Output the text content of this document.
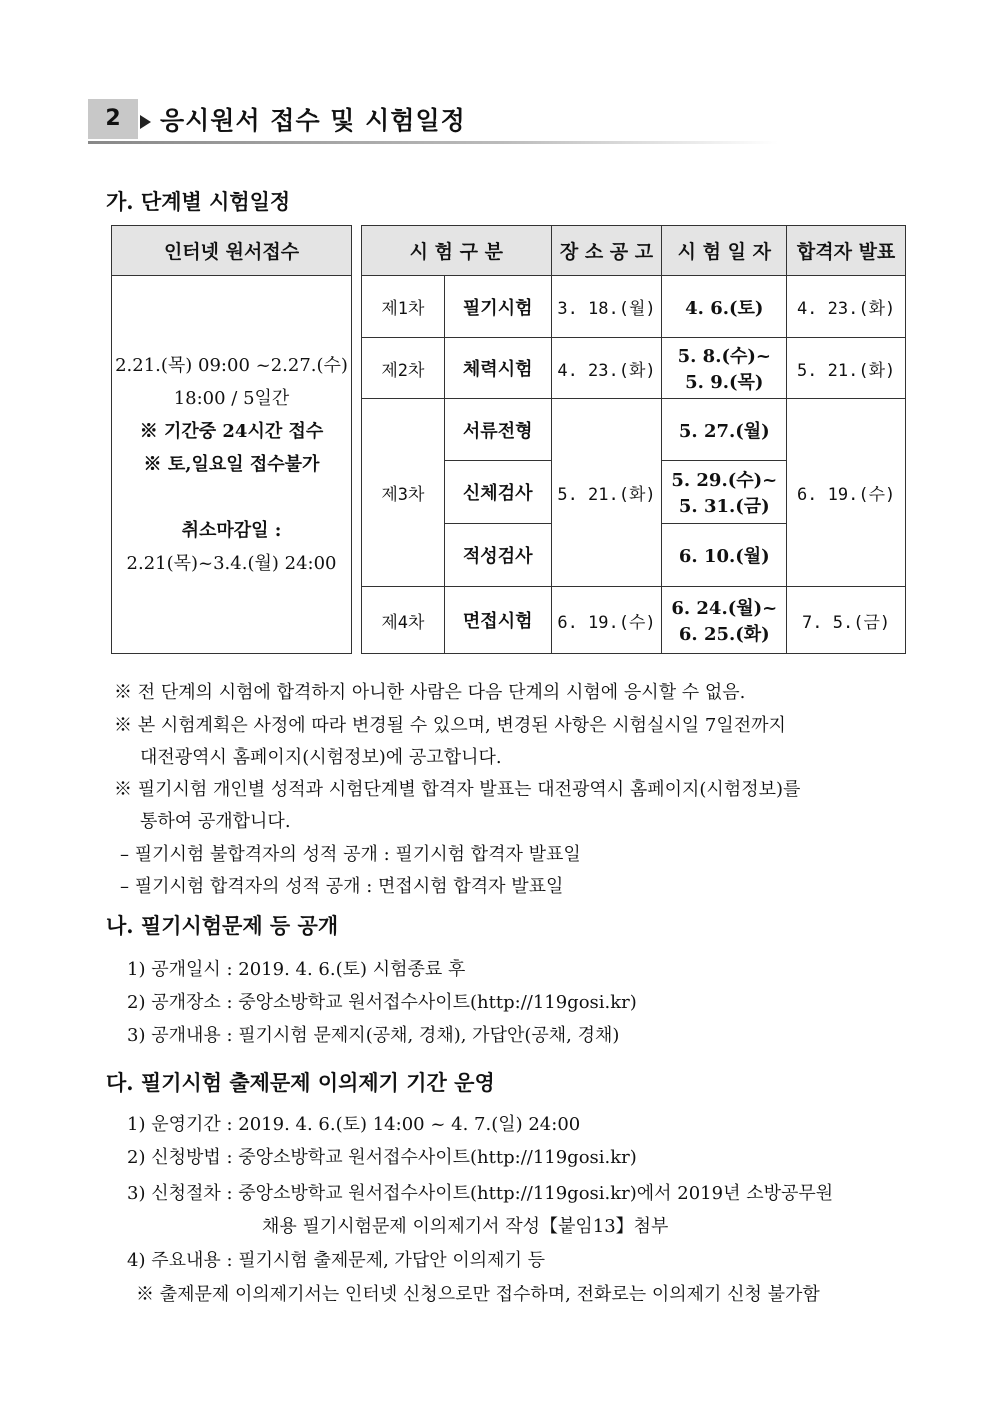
2	응시원서 접수 및 시험일정
가. 단계별 시험일정
인터넷 원서접수

2.21.(목) 09:00 ~2.27.(수)
18:00 / 5일간
※ 기간중 24시간 접수
※ 토,일요일 접수불가

취소마감일 :
2.21(목)~3.4.(월) 24:00
시 험 구 분		장 소 공 고	시 험 일 자	합격자 발표
제1차	필기시험	3. 18.(월)	4. 6.(토)	4. 23.(화)
제2차	체력시험	4. 23.(화)	5. 8.(수)~
5. 9.(목)	5. 21.(화)
제3차	서류전형	5. 21.(화)	5. 27.(월)	6. 19.(수)
	신체검사		5. 29.(수)~
5. 31.(금)	

	적성검사		6. 10.(월)	
제4차	면접시험	6. 19.(수)	6. 24.(월)~
6. 25.(화)	7. 5.(금)
※ 전 단계의 시험에 합격하지 아니한 사람은 다음 단계의 시험에 응시할 수 없음.
※ 본 시험계획은 사정에 따라 변경될 수 있으며, 변경된 사항은 시험실시일 7일전까지
대전광역시 홈페이지(시험정보)에 공고합니다.
※ 필기시험 개인별 성적과 시험단계별 합격자 발표는 대전광역시 홈페이지(시험정보)를
통하여 공개합니다.
– 필기시험 불합격자의 성적 공개 : 필기시험 합격자 발표일
– 필기시험 합격자의 성적 공개 : 면접시험 합격자 발표일
나. 필기시험문제 등 공개
1) 공개일시 : 2019. 4. 6.(토) 시험종료 후
2) 공개장소 : 중앙소방학교 원서접수사이트(http://119gosi.kr)
3) 공개내용 : 필기시험 문제지(공채, 경채), 가답안(공채, 경채)
다. 필기시험 출제문제 이의제기 기간 운영
1) 운영기간 : 2019. 4. 6.(토) 14:00 ~ 4. 7.(일) 24:00
2) 신청방법 : 중앙소방학교 원서접수사이트(http://119gosi.kr)
3) 신청절차 : 중앙소방학교 원서접수사이트(http://119gosi.kr)에서 2019년 소방공무원
채용 필기시험문제 이의제기서 작성【붙임13】첨부
4) 주요내용 : 필기시험 출제문제, 가답안 이의제기 등
※ 출제문제 이의제기서는 인터넷 신청으로만 접수하며, 전화로는 이의제기 신청 불가함
